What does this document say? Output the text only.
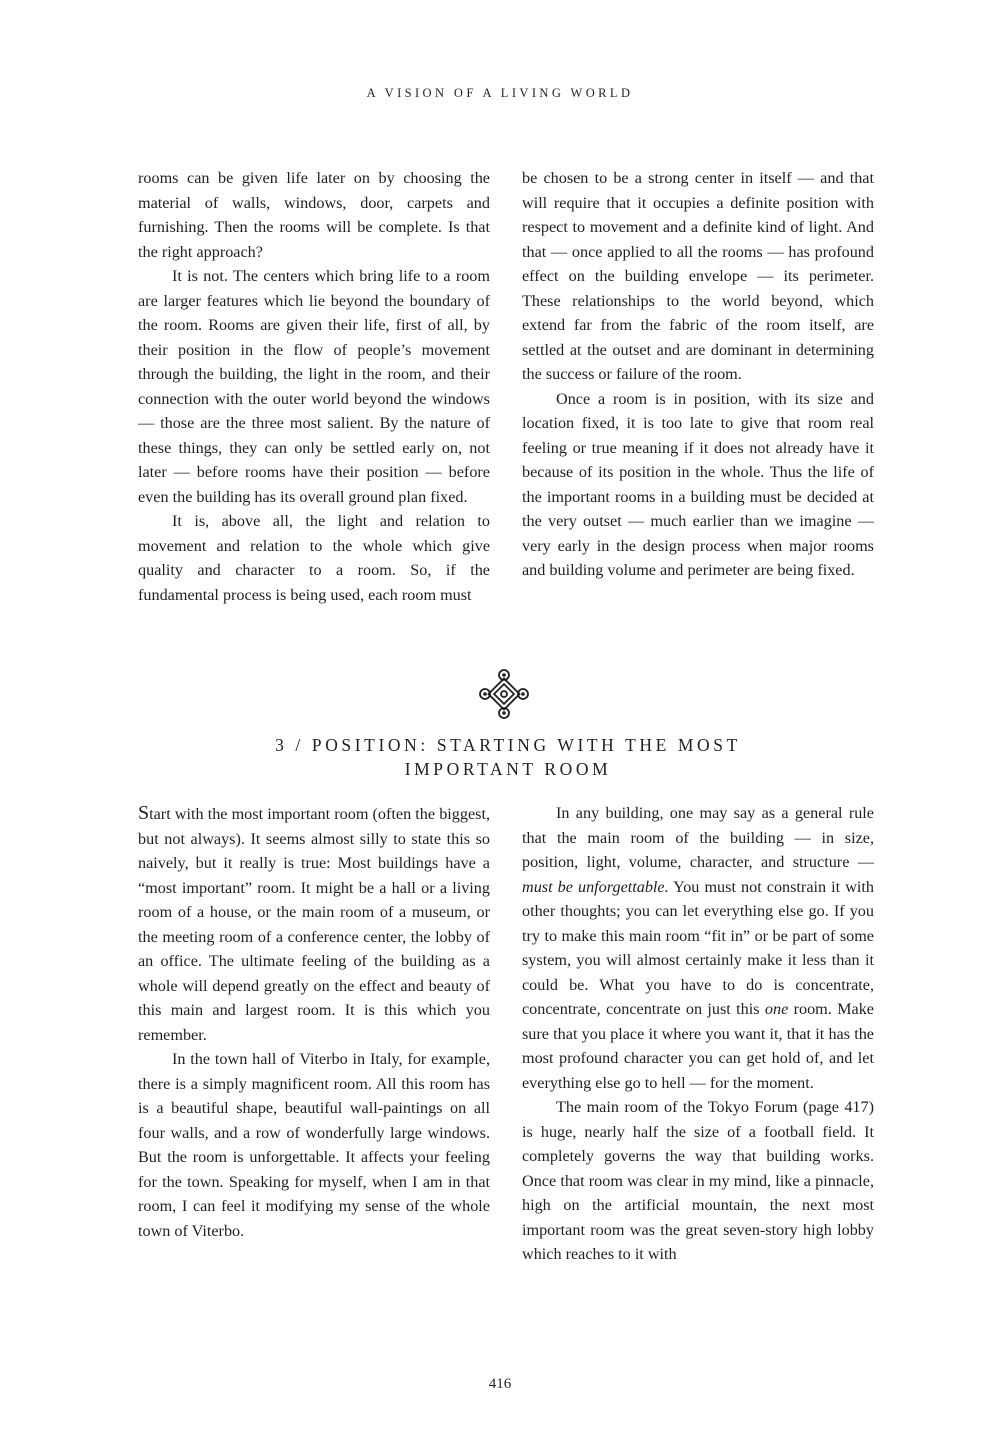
A VISION OF A LIVING WORLD

rooms can be given life later on by choosing the material of walls, windows, door, carpets and furnishing. Then the rooms will be complete. Is that the right approach?

It is not. The centers which bring life to a room are larger features which lie beyond the boundary of the room. Rooms are given their life, first of all, by their position in the flow of people’s movement through the building, the light in the room, and their connection with the outer world beyond the windows — those are the three most salient. By the nature of these things, they can only be settled early on, not later — before rooms have their position — before even the building has its overall ground plan fixed.

It is, above all, the light and relation to movement and relation to the whole which give quality and character to a room. So, if the fundamental process is being used, each room must

be chosen to be a strong center in itself — and that will require that it occupies a definite position with respect to movement and a definite kind of light. And that — once applied to all the rooms — has profound effect on the building envelope — its perimeter. These relationships to the world beyond, which extend far from the fabric of the room itself, are settled at the outset and are dominant in determining the success or failure of the room.

Once a room is in position, with its size and location fixed, it is too late to give that room real feeling or true meaning if it does not already have it because of its position in the whole. Thus the life of the important rooms in a building must be decided at the very outset — much earlier than we imagine — very early in the design process when major rooms and building volume and perimeter are being fixed.

3 / POSITION: STARTING WITH THE MOST
IMPORTANT ROOM

Start with the most important room (often the biggest, but not always). It seems almost silly to state this so naively, but it really is true: Most buildings have a “most important” room. It might be a hall or a living room of a house, or the main room of a museum, or the meeting room of a conference center, the lobby of an office. The ultimate feeling of the building as a whole will depend greatly on the effect and beauty of this main and largest room. It is this which you remember.

In the town hall of Viterbo in Italy, for example, there is a simply magnificent room. All this room has is a beautiful shape, beautiful wall-paintings on all four walls, and a row of wonderfully large windows. But the room is unforgettable. It affects your feeling for the town. Speaking for myself, when I am in that room, I can feel it modifying my sense of the whole town of Viterbo.

In any building, one may say as a general rule that the main room of the building — in size, position, light, volume, character, and structure — must be unforgettable. You must not constrain it with other thoughts; you can let everything else go. If you try to make this main room “fit in” or be part of some system, you will almost certainly make it less than it could be. What you have to do is concentrate, concentrate, concentrate on just this one room. Make sure that you place it where you want it, that it has the most profound character you can get hold of, and let everything else go to hell — for the moment.

The main room of the Tokyo Forum (page 417) is huge, nearly half the size of a football field. It completely governs the way that building works. Once that room was clear in my mind, like a pinnacle, high on the artificial mountain, the next most important room was the great seven-story high lobby which reaches to it with

416
